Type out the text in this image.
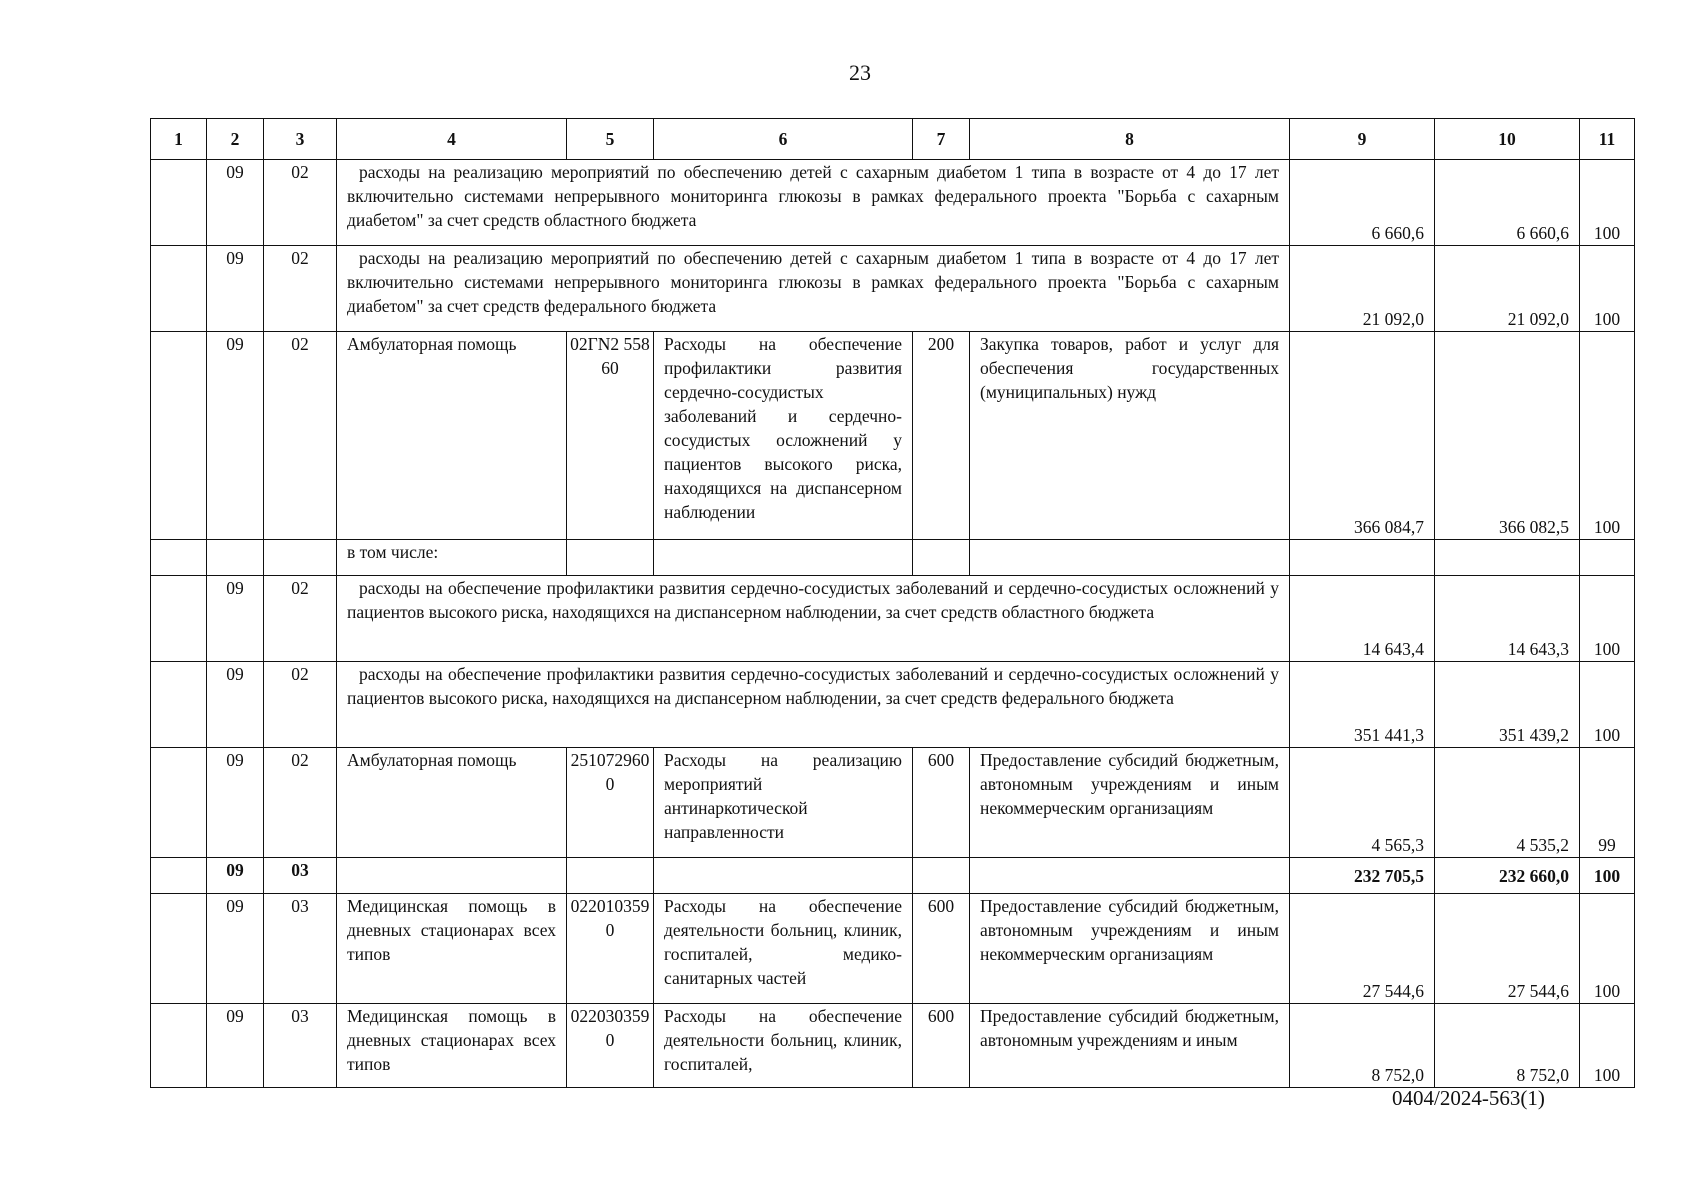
23
1	2	3	4	5	6	7	8	9	10	11
	09	02	расходы на реализацию мероприятий по обеспечению детей с сахарным диабетом 1 типа в возрасте от 4 до 17 лет включительно системами непрерывного мониторинга глюкозы в рамках федерального проекта "Борьба с сахарным диабетом" за счет средств областного бюджета					6 660,6	6 660,6	100
	09	02	расходы на реализацию мероприятий по обеспечению детей с сахарным диабетом 1 типа в возрасте от 4 до 17 лет включительно системами непрерывного мониторинга глюкозы в рамках федерального проекта "Борьба с сахарным диабетом" за счет средств федерального бюджета					21 092,0	21 092,0	100
	09	02	Амбулаторная помощь	02ГN2 55860	Расходы на обеспечение профилактики развития сердечно-сосудистых заболеваний и сердечно-сосудистых осложнений у пациентов высокого риска, находящихся на диспансерном наблюдении	200	Закупка товаров, работ и услуг для обеспечения государственных (муниципальных) нужд	366 084,7	366 082,5	100
			в том числе:							
	09	02	расходы на обеспечение профилактики развития сердечно-сосудистых заболеваний и сердечно-сосудистых осложнений у пациентов высокого риска, находящихся на диспансерном наблюдении, за счет средств областного бюджета					14 643,4	14 643,3	100
	09	02	расходы на обеспечение профилактики развития сердечно-сосудистых заболеваний и сердечно-сосудистых осложнений у пациентов высокого риска, находящихся на диспансерном наблюдении, за счет средств федерального бюджета					351 441,3	351 439,2	100
	09	02	Амбулаторная помощь	2510729600	Расходы на реализацию мероприятий антинаркотической направленности	600	Предоставление субсидий бюджетным, автономным учреждениям и иным некоммерческим организациям	4 565,3	4 535,2	99
	09	03						232 705,5	232 660,0	100
	09	03	Медицинская помощь в дневных стационарах всех типов	0220103590	Расходы на обеспечение деятельности больниц, клиник, госпиталей, медико-санитарных частей	600	Предоставление субсидий бюджетным, автономным учреждениям и иным некоммерческим организациям	27 544,6	27 544,6	100
	09	03	Медицинская помощь в дневных стационарах всех типов	0220303590	Расходы на обеспечение деятельности больниц, клиник, госпиталей,	600	Предоставление субсидий бюджетным, автономным учреждениям и иным	8 752,0	8 752,0	100
0404/2024-563(1)
